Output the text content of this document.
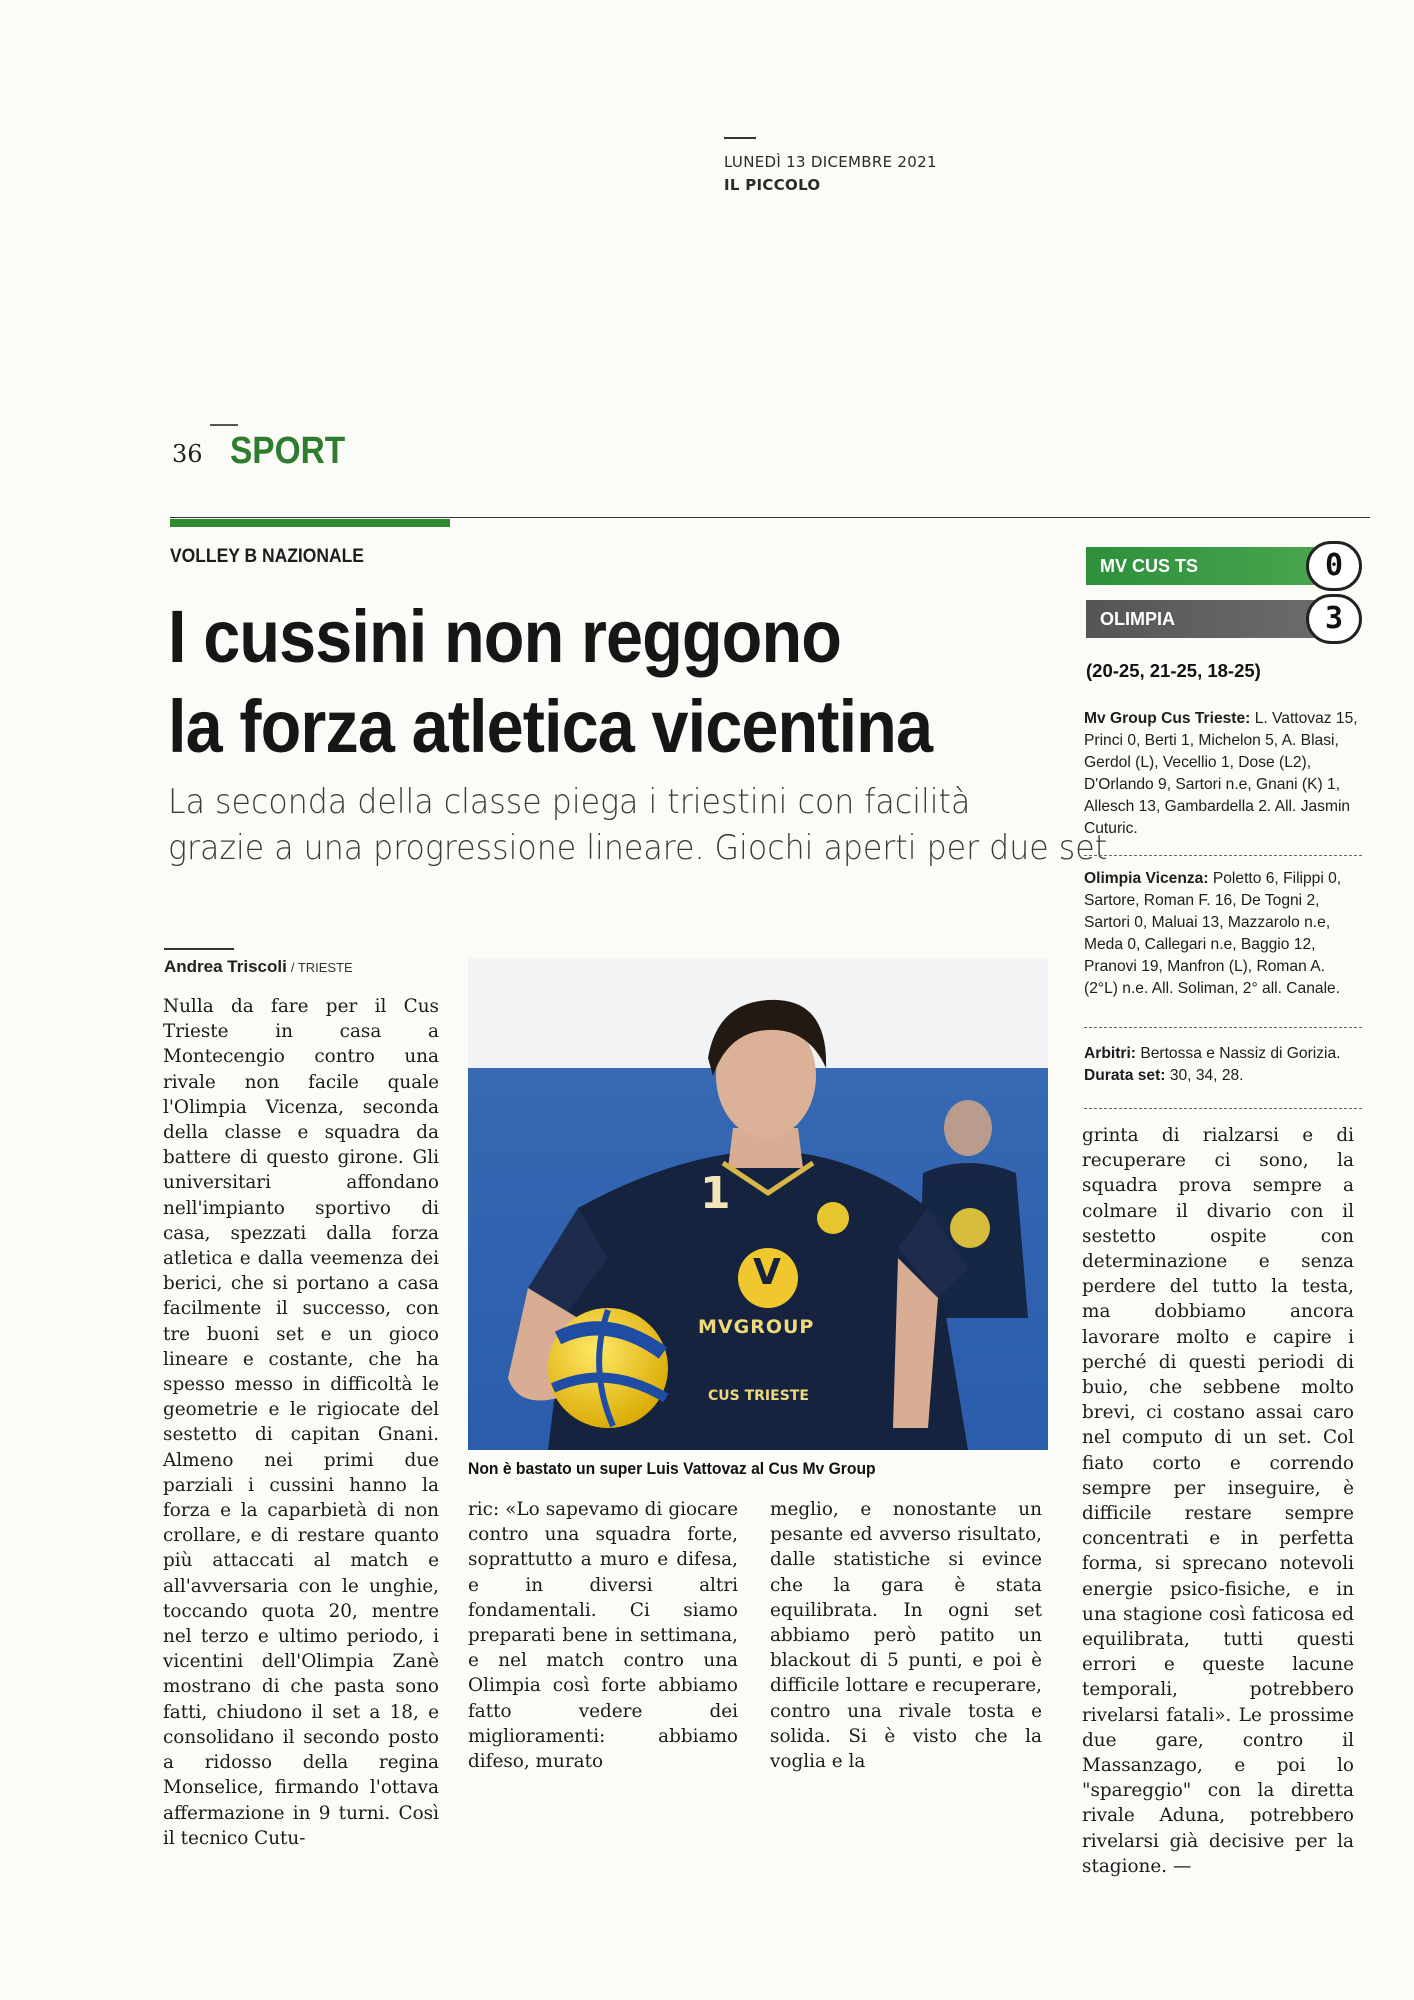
LUNEDÌ 13 DICEMBRE 2021
IL PICCOLO
36 SPORT
VOLLEY B NAZIONALE
I cussini non reggono
la forza atletica vicentina
La seconda della classe piega i triestini con facilità
grazie a una progressione lineare. Giochi aperti per due set
Andrea Triscoli / TRIESTE

Nulla da fare per il Cus Trieste in casa a Montecengio contro una rivale non facile quale l'Olimpia Vicenza, seconda della classe e squadra da battere di questo girone. Gli universitari affondano nell'impianto sportivo di casa, spezzati dalla forza atletica e dalla veemenza dei berici, che si portano a casa facilmente il successo, con tre buoni set e un gioco lineare e costante, che ha spesso messo in difficoltà le geometrie e le rigiocate del sestetto di capitan Gnani. Almeno nei primi due parziali i cussini hanno la forza e la caparbietà di non crollare, e di restare quanto più attaccati al match e all'avversaria con le unghie, toccando quota 20, mentre nel terzo e ultimo periodo, i vicentini dell'Olimpia Zanè mostrano di che pasta sono fatti, chiudono il set a 18, e consolidano il secondo posto a ridosso della regina Monselice, firmando l'ottava affermazione in 9 turni. Così il tecnico Cutu-

ric: «Lo sapevamo di giocare contro una squadra forte, soprattutto a muro e difesa, e in diversi altri fondamentali. Ci siamo preparati bene in settimana, e nel match contro una Olimpia così forte abbiamo fatto vedere dei miglioramenti: abbiamo difeso, murato

meglio, e nonostante un pesante ed avverso risultato, dalle statistiche si evince che la gara è stata equilibrata. In ogni set abbiamo però patito un blackout di 5 punti, e poi è difficile lottare e recuperare, contro una rivale tosta e solida. Si è visto che la voglia e la

grinta di rialzarsi e di recuperare ci sono, la squadra prova sempre a colmare il divario con il sestetto ospite con determinazione e senza perdere del tutto la testa, ma dobbiamo ancora lavorare molto e capire i perché di questi periodi di buio, che sebbene molto brevi, ci costano assai caro nel computo di un set. Col fiato corto e correndo sempre per inseguire, è difficile restare sempre concentrati e in perfetta forma, si sprecano notevoli energie psico-fisiche, e in una stagione così faticosa ed equilibrata, tutti questi errori e queste lacune temporali, potrebbero rivelarsi fatali». Le prossime due gare, contro il Massanzago, e poi lo "spareggio" con la diretta rivale Aduna, potrebbero rivelarsi già decisive per la stagione. —

1
V
MVGROUP
CUS TRIESTE
Non è bastato un super Luis Vattovaz al Cus Mv Group
MV CUS TS	0
OLIMPIA	3
(20-25, 21-25, 18-25)
Mv Group Cus Trieste: L. Vattovaz 15, Princi 0, Berti 1, Michelon 5, A. Blasi, Gerdol (L), Vecellio 1, Dose (L2), D'Orlando 9, Sartori n.e, Gnani (K) 1, Allesch 13, Gambardella 2. All. Jasmin Cuturic.
Olimpia Vicenza: Poletto 6, Filippi 0, Sartore, Roman F. 16, De Togni 2, Sartori 0, Maluai 13, Mazzarolo n.e, Meda 0, Callegari n.e, Baggio 12, Pranovi 19, Manfron (L), Roman A. (2°L) n.e. All. Soliman, 2° all. Canale.
Arbitri: Bertossa e Nassiz di Gorizia.
Durata set: 30, 34, 28.
